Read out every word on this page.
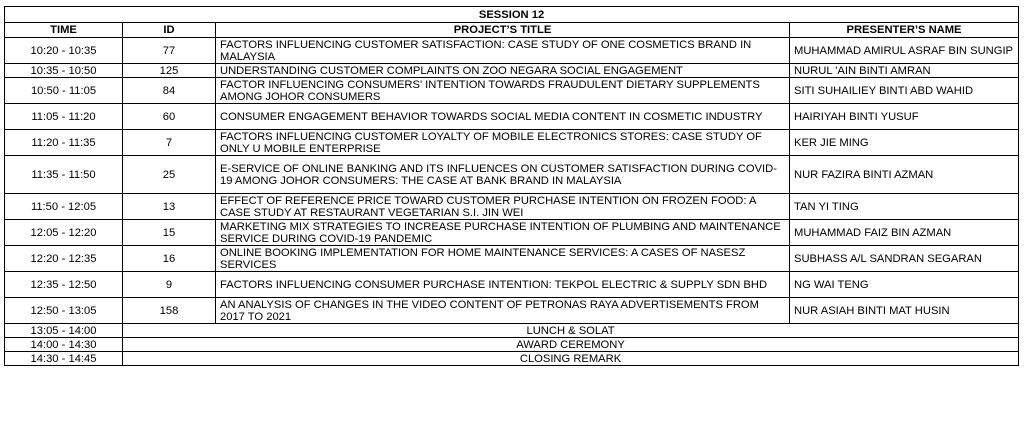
SESSION 12			
TIME	ID	PROJECT’S TITLE	PRESENTER’S NAME
10:20 - 10:35	77	FACTORS INFLUENCING CUSTOMER SATISFACTION: CASE STUDY OF ONE COSMETICS BRAND IN MALAYSIA	MUHAMMAD AMIRUL ASRAF BIN SUNGIP
10:35 - 10:50	125	UNDERSTANDING CUSTOMER COMPLAINTS ON ZOO NEGARA SOCIAL ENGAGEMENT	NURUL 'AIN BINTI AMRAN
10:50 - 11:05	84	FACTOR INFLUENCING CONSUMERS' INTENTION TOWARDS FRAUDULENT DIETARY SUPPLEMENTS AMONG JOHOR CONSUMERS	SITI SUHAILIEY BINTI ABD WAHID
11:05 - 11:20	60	CONSUMER ENGAGEMENT BEHAVIOR TOWARDS SOCIAL MEDIA CONTENT IN COSMETIC INDUSTRY	HAIRIYAH BINTI YUSUF
11:20 - 11:35	7	FACTORS INFLUENCING CUSTOMER LOYALTY OF MOBILE ELECTRONICS STORES: CASE STUDY OF ONLY U MOBILE ENTERPRISE	KER JIE MING
11:35 - 11:50	25	E-SERVICE OF ONLINE BANKING AND ITS INFLUENCES ON CUSTOMER SATISFACTION DURING COVID-19 AMONG JOHOR CONSUMERS: THE CASE AT BANK BRAND IN MALAYSIA	NUR FAZIRA BINTI AZMAN
11:50 - 12:05	13	EFFECT OF REFERENCE PRICE TOWARD CUSTOMER PURCHASE INTENTION ON FROZEN FOOD: A CASE STUDY AT RESTAURANT VEGETARIAN S.I. JIN WEI	TAN YI TING
12:05 - 12:20	15	MARKETING MIX STRATEGIES TO INCREASE PURCHASE INTENTION OF PLUMBING AND MAINTENANCE SERVICE DURING COVID-19 PANDEMIC	MUHAMMAD FAIZ BIN AZMAN
12:20 - 12:35	16	ONLINE BOOKING IMPLEMENTATION FOR HOME MAINTENANCE SERVICES: A CASES OF NASESZ SERVICES	SUBHASS A/L SANDRAN SEGARAN
12:35 - 12:50	9	FACTORS INFLUENCING CONSUMER PURCHASE INTENTION: TEKPOL ELECTRIC & SUPPLY SDN BHD	NG WAI TENG
12:50 - 13:05	158	AN ANALYSIS OF CHANGES IN THE VIDEO CONTENT OF PETRONAS RAYA ADVERTISEMENTS FROM 2017 TO 2021	NUR ASIAH BINTI MAT HUSIN
13:05 - 14:00	LUNCH & SOLAT		
14:00 - 14:30	AWARD CEREMONY		
14:30 - 14:45	CLOSING REMARK		
